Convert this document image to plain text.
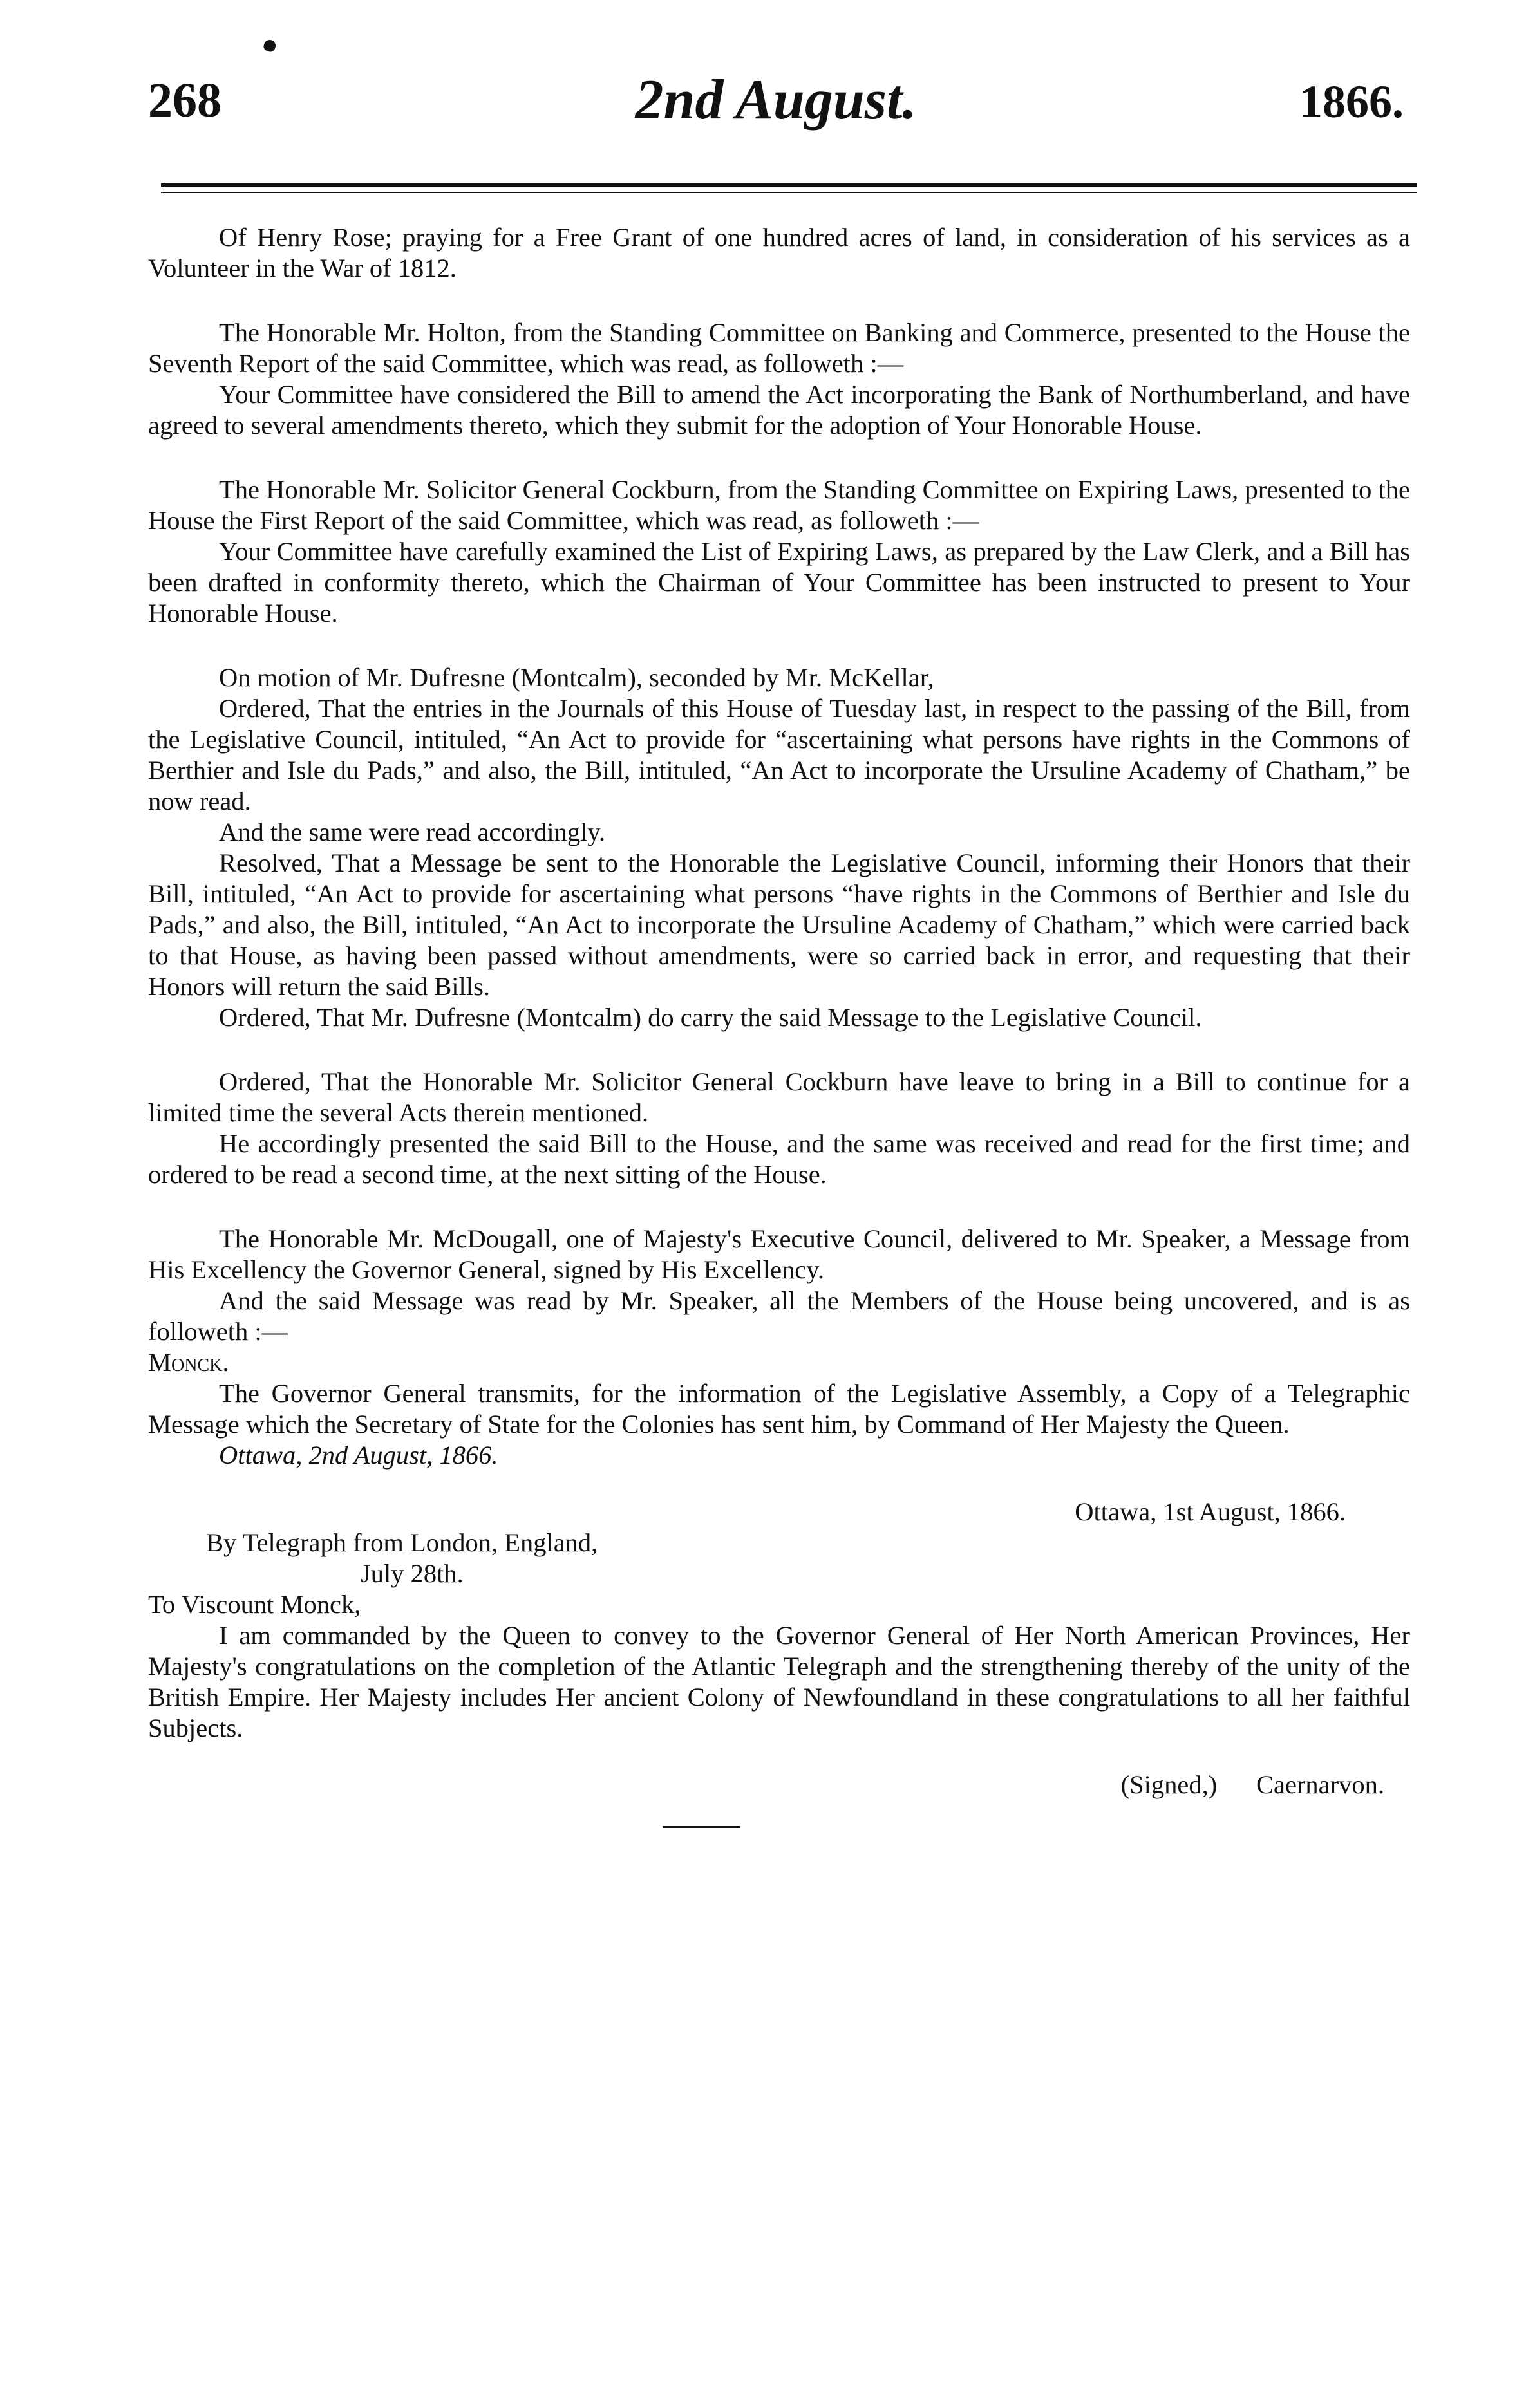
268	2nd August.	1866.

Of Henry Rose; praying for a Free Grant of one hundred acres of land, in consideration of his services as a Volunteer in the War of 1812.

The Honorable Mr. Holton, from the Standing Committee on Banking and Commerce, presented to the House the Seventh Report of the said Committee, which was read, as followeth :—

Your Committee have considered the Bill to amend the Act incorporating the Bank of Northumberland, and have agreed to several amendments thereto, which they submit for the adoption of Your Honorable House.

The Honorable Mr. Solicitor General Cockburn, from the Standing Committee on Expiring Laws, presented to the House the First Report of the said Committee, which was read, as followeth :—

Your Committee have carefully examined the List of Expiring Laws, as prepared by the Law Clerk, and a Bill has been drafted in conformity thereto, which the Chairman of Your Committee has been instructed to present to Your Honorable House.

On motion of Mr. Dufresne (Montcalm), seconded by Mr. McKellar,

Ordered, That the entries in the Journals of this House of Tuesday last, in respect to the passing of the Bill, from the Legislative Council, intituled, “An Act to provide for “ascertaining what persons have rights in the Commons of Berthier and Isle du Pads,” and also, the Bill, intituled, “An Act to incorporate the Ursuline Academy of Chatham,” be now read.

And the same were read accordingly.

Resolved, That a Message be sent to the Honorable the Legislative Council, informing their Honors that their Bill, intituled, “An Act to provide for ascertaining what persons “have rights in the Commons of Berthier and Isle du Pads,” and also, the Bill, intituled, “An Act to incorporate the Ursuline Academy of Chatham,” which were carried back to that House, as having been passed without amendments, were so carried back in error, and requesting that their Honors will return the said Bills.

Ordered, That Mr. Dufresne (Montcalm) do carry the said Message to the Legislative Council.

Ordered, That the Honorable Mr. Solicitor General Cockburn have leave to bring in a Bill to continue for a limited time the several Acts therein mentioned.

He accordingly presented the said Bill to the House, and the same was received and read for the first time; and ordered to be read a second time, at the next sitting of the House.

The Honorable Mr. McDougall, one of Majesty's Executive Council, delivered to Mr. Speaker, a Message from His Excellency the Governor General, signed by His Excellency.

And the said Message was read by Mr. Speaker, all the Members of the House being uncovered, and is as followeth :—

Monck.

The Governor General transmits, for the information of the Legislative Assembly, a Copy of a Telegraphic Message which the Secretary of State for the Colonies has sent him, by Command of Her Majesty the Queen.

Ottawa, 2nd August, 1866.

Ottawa, 1st August, 1866.

By Telegraph from London, England,

July 28th.

To Viscount Monck,

I am commanded by the Queen to convey to the Governor General of Her North American Provinces, Her Majesty's congratulations on the completion of the Atlantic Telegraph and the strengthening thereby of the unity of the British Empire. Her Majesty includes Her ancient Colony of Newfoundland in these congratulations to all her faithful Subjects.

(Signed,)      Caernarvon.
